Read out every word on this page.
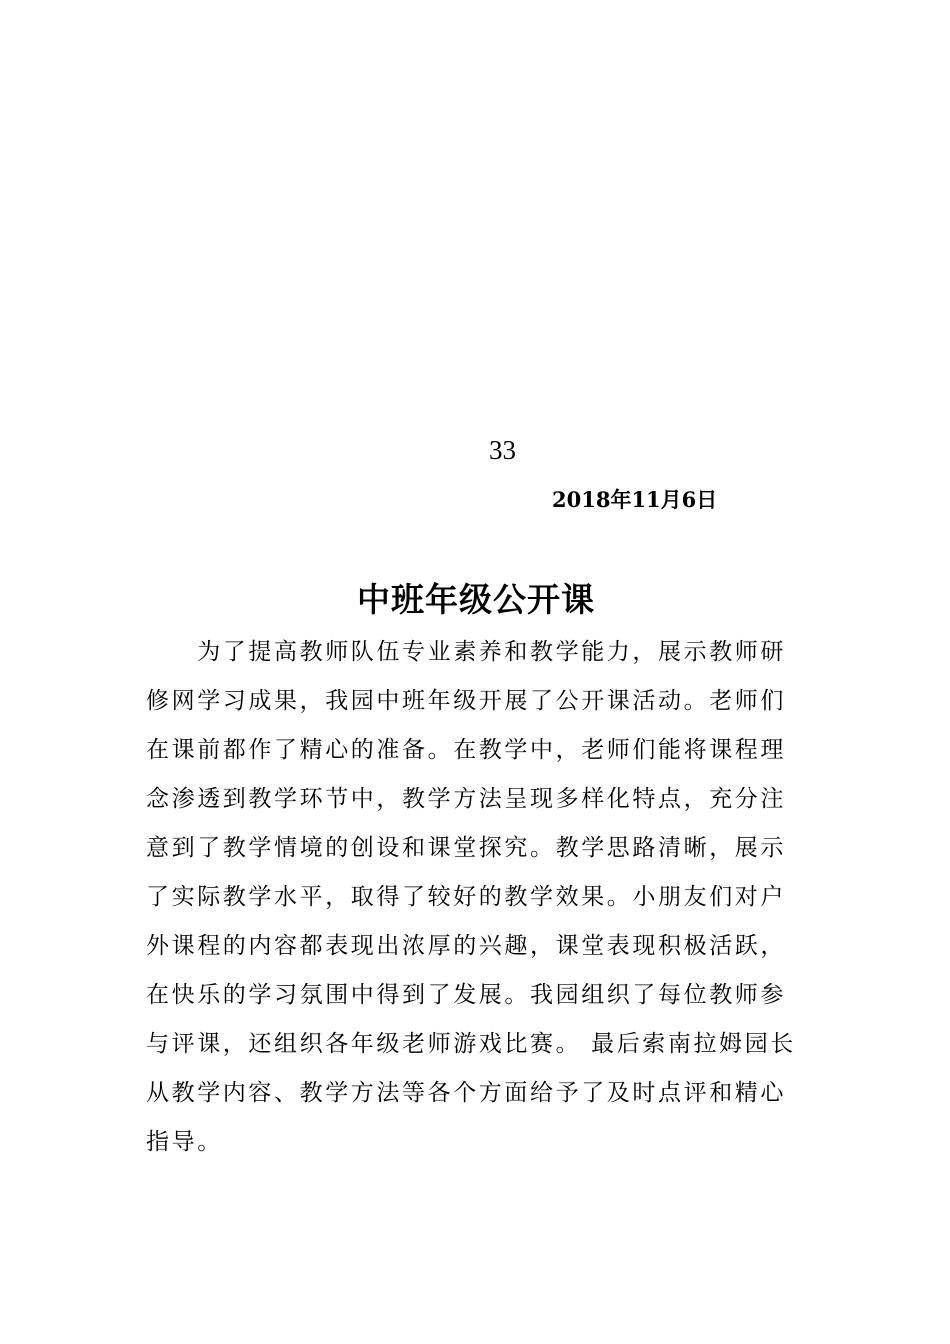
33
2018年11月6日
中班年级公开课
　　为了提高教师队伍专业素养和教学能力，展示教师研
修网学习成果，我园中班年级开展了公开课活动。老师们
在课前都作了精心的准备。在教学中，老师们能将课程理
念渗透到教学环节中，教学方法呈现多样化特点，充分注
意到了教学情境的创设和课堂探究。教学思路清晰，展示
了实际教学水平，取得了较好的教学效果。小朋友们对户
外课程的内容都表现出浓厚的兴趣，课堂表现积极活跃，
在快乐的学习氛围中得到了发展。我园组织了每位教师参
与评课，还组织各年级老师游戏比赛。 最后索南拉姆园长
从教学内容、教学方法等各个方面给予了及时点评和精心
指导。
